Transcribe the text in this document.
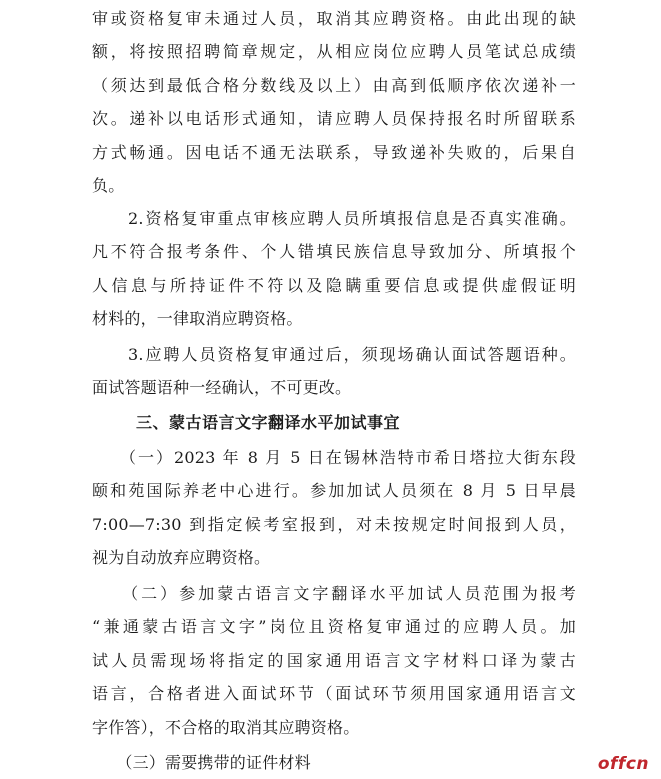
审或资格复审未通过人员，取消其应聘资格。由此出现的缺
额，将按照招聘简章规定，从相应岗位应聘人员笔试总成绩
（须达到最低合格分数线及以上）由高到低顺序依次递补一
次。递补以电话形式通知，请应聘人员保持报名时所留联系
方式畅通。因电话不通无法联系，导致递补失败的，后果自
负。
　　2.资格复审重点审核应聘人员所填报信息是否真实准确。
凡不符合报考条件、个人错填民族信息导致加分、所填报个
人信息与所持证件不符以及隐瞒重要信息或提供虚假证明
材料的，一律取消应聘资格。
　　3.应聘人员资格复审通过后，须现场确认面试答题语种。
面试答题语种一经确认，不可更改。
三、蒙古语言文字翻译水平加试事宜
　　（一）2023 年 8 月 5 日在锡林浩特市希日塔拉大街东段
颐和苑国际养老中心进行。参加加试人员须在 8 月 5 日早晨
7:00—7:30 到指定候考室报到，对未按规定时间报到人员，
视为自动放弃应聘资格。
　　（二）参加蒙古语言文字翻译水平加试人员范围为报考
“兼通蒙古语言文字”岗位且资格复审通过的应聘人员。加
试人员需现场将指定的国家通用语言文字材料口译为蒙古
语言，合格者进入面试环节（面试环节须用国家通用语言文
字作答），不合格的取消其应聘资格。
　　（三）需要携带的证件材料	offcn
